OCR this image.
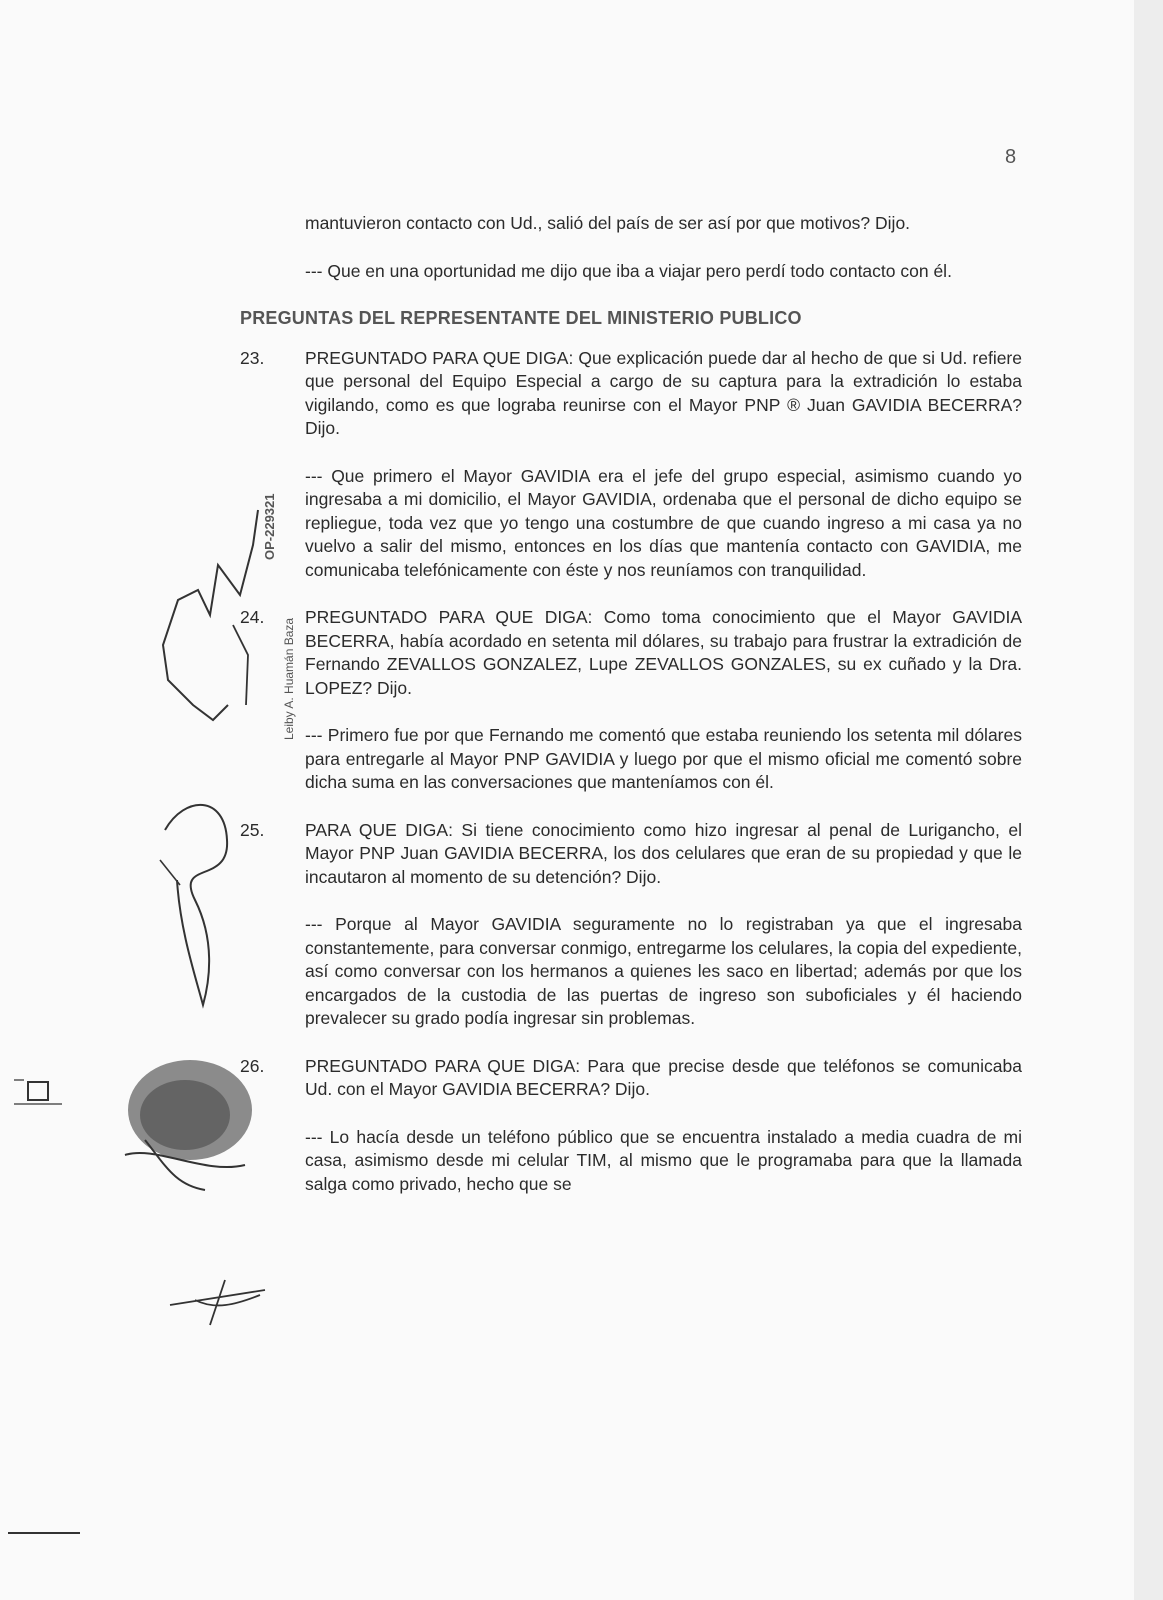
8

mantuvieron contacto con Ud., salió del país de ser así por que motivos? Dijo.

--- Que en una oportunidad me dijo que iba a viajar pero perdí todo contacto con él.

PREGUNTAS DEL REPRESENTANTE DEL MINISTERIO PUBLICO
23.	PREGUNTADO PARA QUE DIGA: Que explicación puede dar al hecho de que si Ud. refiere que personal del Equipo Especial a cargo de su captura para la extradición lo estaba vigilando, como es que lograba reunirse con el Mayor PNP ® Juan GAVIDIA BECERRA? Dijo.

--- Que primero el Mayor GAVIDIA era el jefe del grupo especial, asimismo cuando yo ingresaba a mi domicilio, el Mayor GAVIDIA, ordenaba que el personal de dicho equipo se repliegue, toda vez que yo tengo una costumbre de que cuando ingreso a mi casa ya no vuelvo a salir del mismo, entonces en los días que mantenía contacto con GAVIDIA, me comunicaba telefónicamente con éste y nos reuníamos con tranquilidad.

24.	PREGUNTADO PARA QUE DIGA: Como toma conocimiento que el Mayor GAVIDIA BECERRA, había acordado en setenta mil dólares, su trabajo para frustrar la extradición de Fernando ZEVALLOS GONZALEZ, Lupe ZEVALLOS GONZALES, su ex cuñado y la Dra. LOPEZ? Dijo.

--- Primero fue por que Fernando me comentó que estaba reuniendo los setenta mil dólares para entregarle al Mayor PNP GAVIDIA y luego por que el mismo oficial me comentó sobre dicha suma en las conversaciones que manteníamos con él.

25.	PARA QUE DIGA: Si tiene conocimiento como hizo ingresar al penal de Lurigancho, el Mayor PNP Juan GAVIDIA BECERRA, los dos celulares que eran de su propiedad y que le incautaron al momento de su detención? Dijo.

--- Porque al Mayor GAVIDIA seguramente no lo registraban ya que el ingresaba constantemente, para conversar conmigo, entregarme los celulares, la copia del expediente, así como conversar con los hermanos a quienes les saco en libertad; además por que los encargados de la custodia de las puertas de ingreso son suboficiales y él haciendo prevalecer su grado podía ingresar sin problemas.

26.	PREGUNTADO PARA QUE DIGA: Para que precise desde que teléfonos se comunicaba Ud. con el Mayor GAVIDIA BECERRA? Dijo.

--- Lo hacía desde un teléfono público que se encuentra instalado a media cuadra de mi casa, asimismo desde mi celular TIM, al mismo que le programaba para que la llamada salga como privado, hecho que se

OP-229321
Leiby A. Huamán Baza
